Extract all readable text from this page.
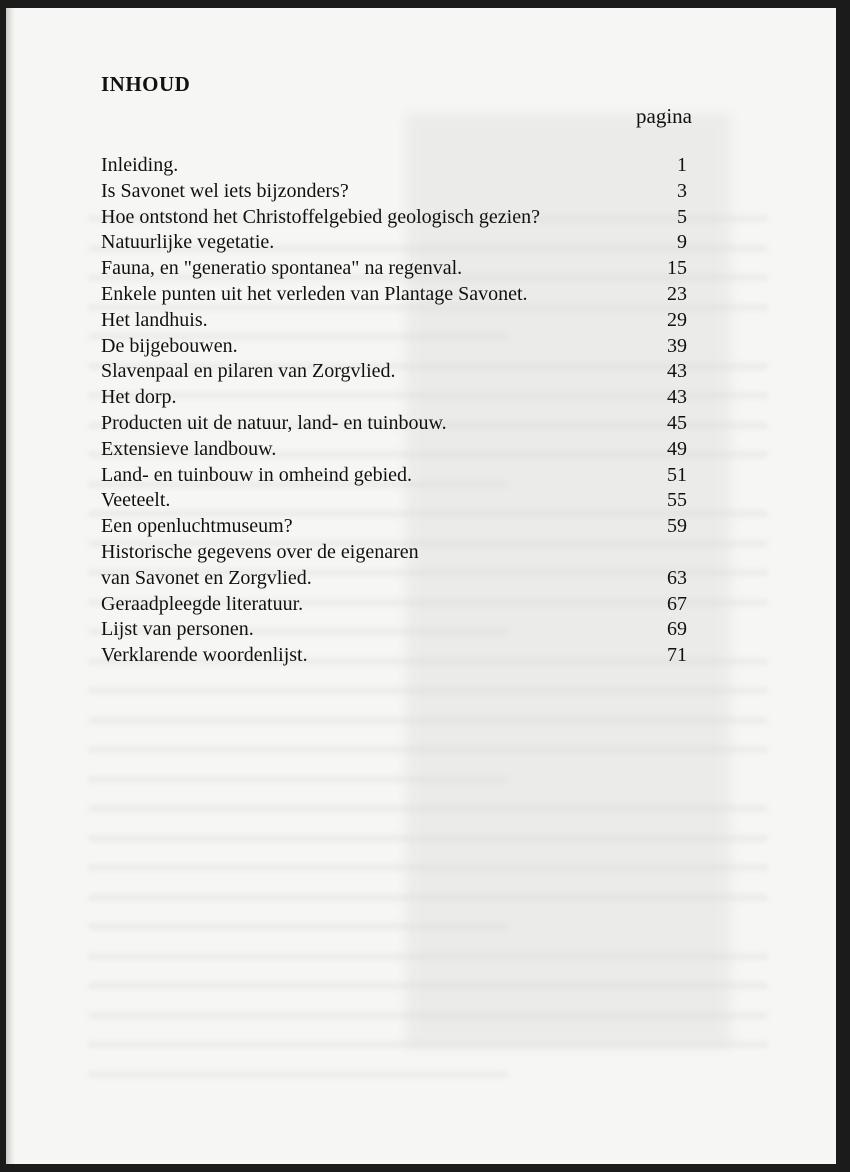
INHOUD
pagina
Inleiding.	1
Is Savonet wel iets bijzonders?	3
Hoe ontstond het Christoffelgebied geologisch gezien?	5
Natuurlijke vegetatie.	9
Fauna, en "generatio spontanea" na regenval.	15
Enkele punten uit het verleden van Plantage Savonet.	23
Het landhuis.	29
De bijgebouwen.	39
Slavenpaal en pilaren van Zorgvlied.	43
Het dorp.	43
Producten uit de natuur, land- en tuinbouw.	45
Extensieve landbouw.	49
Land- en tuinbouw in omheind gebied.	51
Veeteelt.	55
Een openluchtmuseum?	59
Historische gegevens over de eigenaren
van Savonet en Zorgvlied.	63
Geraadpleegde literatuur.	67
Lijst van personen.	69
Verklarende woordenlijst.	71
